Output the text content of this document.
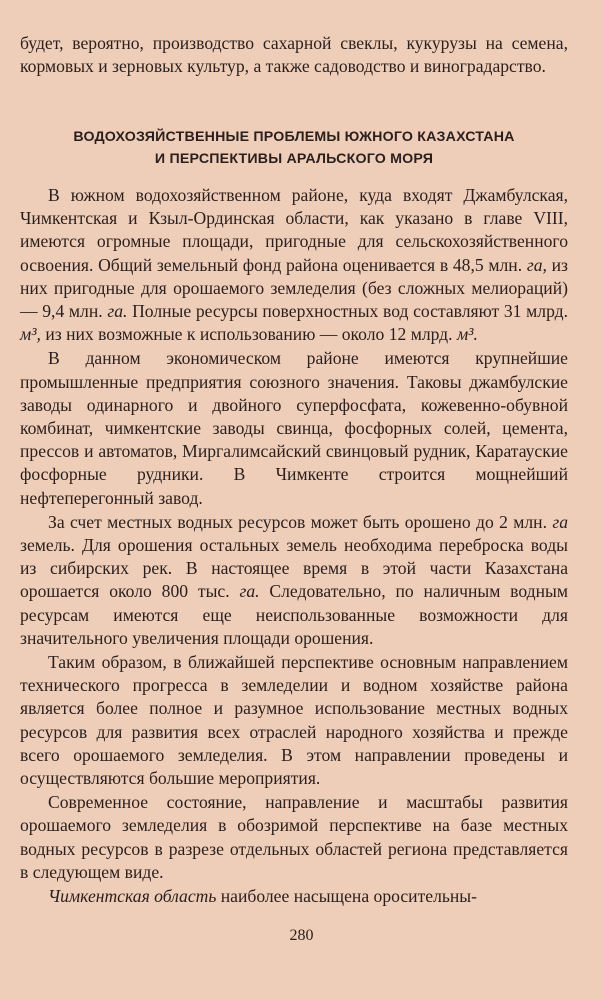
будет, вероятно, производство сахарной свеклы, кукурузы на семена, кормовых и зерновых культур, а также садоводство и виноградарство.

ВОДОХОЗЯЙСТВЕННЫЕ ПРОБЛЕМЫ ЮЖНОГО КАЗАХСТАНА
И ПЕРСПЕКТИВЫ АРАЛЬСКОГО МОРЯ

В южном водохозяйственном районе, куда входят Джамбулская, Чимкентская и Кзыл-Ординская области, как указано в главе VIII, имеются огромные площади, пригодные для сельскохозяйственного освоения. Общий земельный фонд района оценивается в 48,5 млн. га, из них пригодные для орошаемого земледелия (без сложных мелиораций) — 9,4 млн. га. Полные ресурсы поверхностных вод составляют 31 млрд. м³, из них возможные к использованию — около 12 млрд. м³.

В данном экономическом районе имеются крупнейшие промышленные предприятия союзного значения. Таковы джамбулские заводы одинарного и двойного суперфосфата, кожевенно-обувной комбинат, чимкентские заводы свинца, фосфорных солей, цемента, прессов и автоматов, Миргалимсайский свинцовый рудник, Каратауские фосфорные рудники. В Чимкенте строится мощнейший нефтеперегонный завод.

За счет местных водных ресурсов может быть орошено до 2 млн. га земель. Для орошения остальных земель необходима переброска воды из сибирских рек. В настоящее время в этой части Казахстана орошается около 800 тыс. га. Следовательно, по наличным водным ресурсам имеются еще неиспользованные возможности для значительного увеличения площади орошения.

Таким образом, в ближайшей перспективе основным направлением технического прогресса в земледелии и водном хозяйстве района является более полное и разумное использование местных водных ресурсов для развития всех отраслей народного хозяйства и прежде всего орошаемого земледелия. В этом направлении проведены и осуществляются большие мероприятия.

Современное состояние, направление и масштабы развития орошаемого земледелия в обозримой перспективе на базе местных водных ресурсов в разрезе отдельных областей региона представляется в следующем виде.

Чимкентская область наиболее насыщена оросительны-

280
